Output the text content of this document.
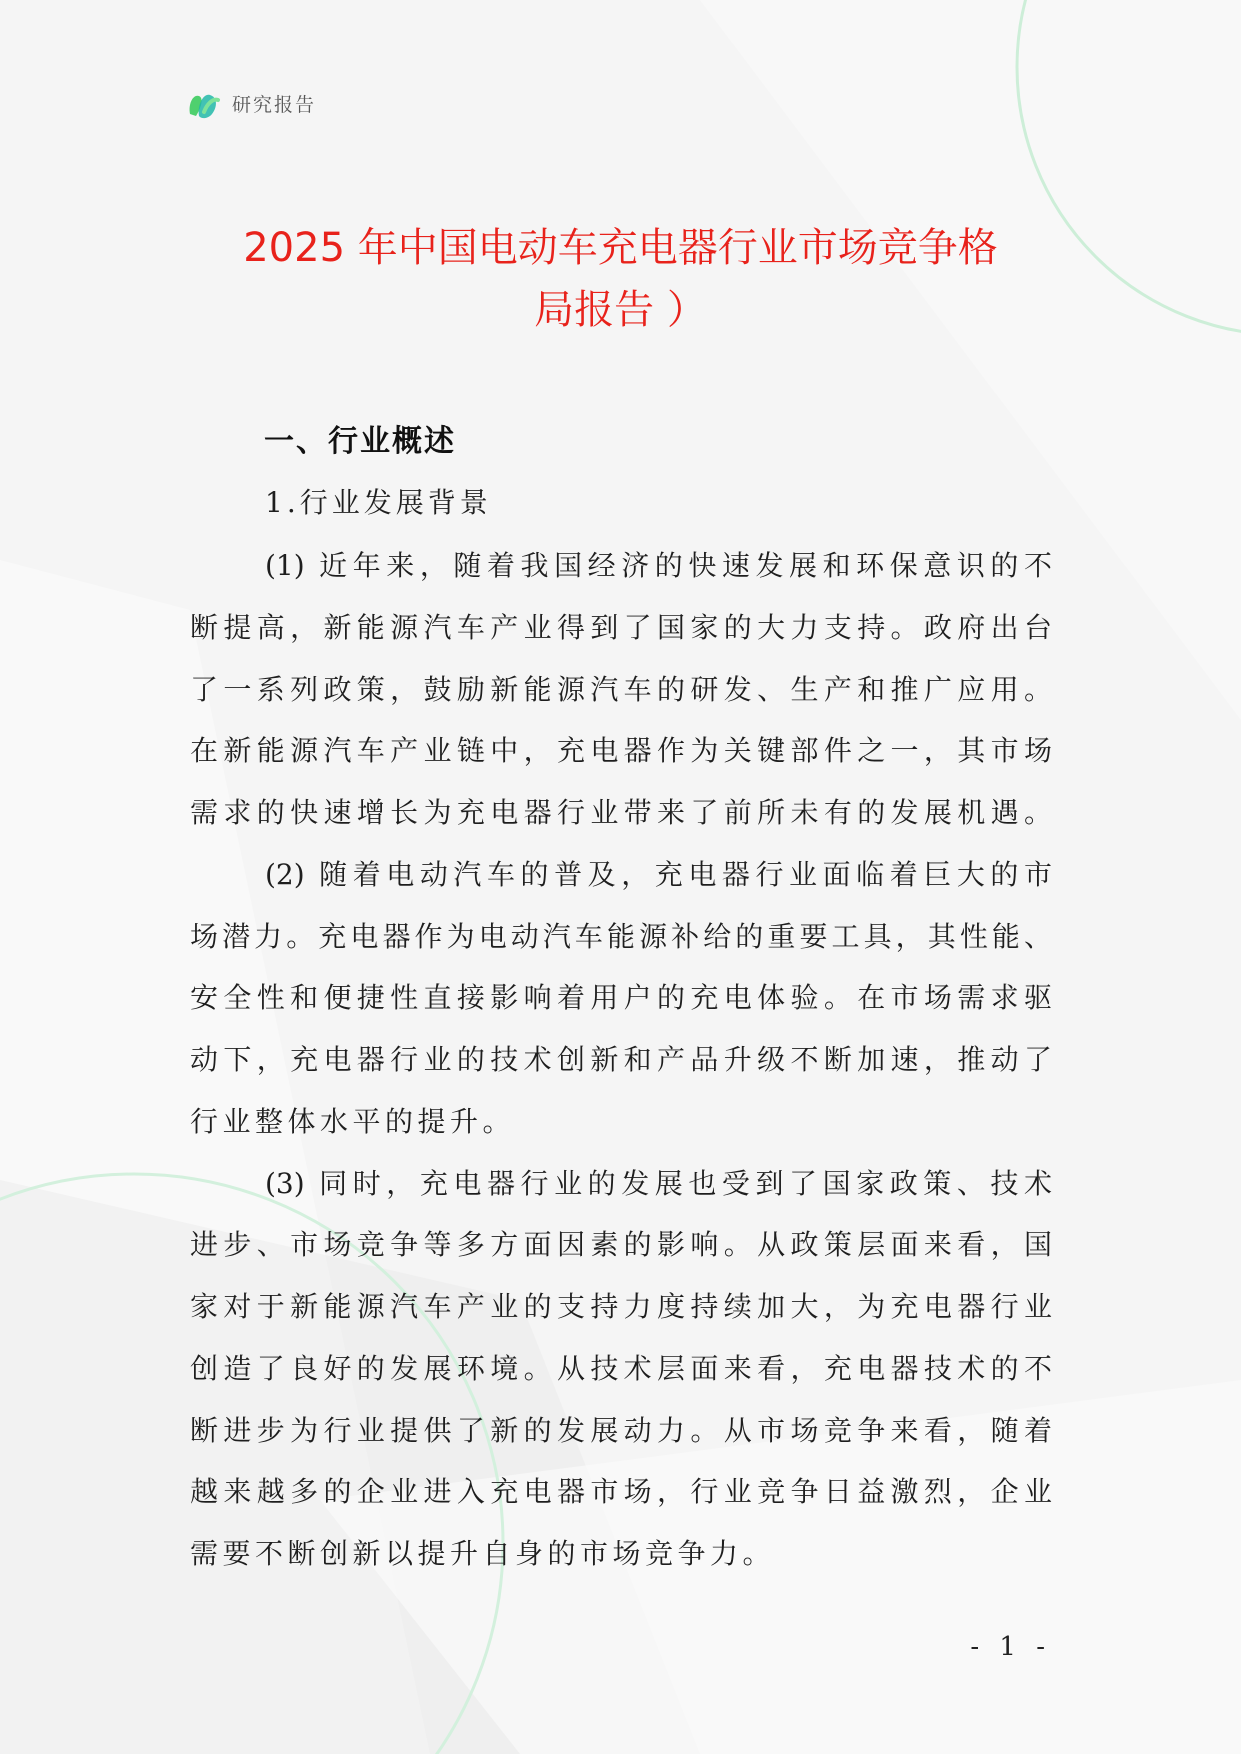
研究报告
2025 年中国电动车充电器行业市场竞争格
局报告 ）
一、行业概述
1.行业发展背景
(1) 近年来，随着我国经济的快速发展和环保意识的不
断提高，新能源汽车产业得到了国家的大力支持。政府出台
了一系列政策，鼓励新能源汽车的研发、生产和推广应用。
在新能源汽车产业链中，充电器作为关键部件之一，其市场
需求的快速增长为充电器行业带来了前所未有的发展机遇。
(2) 随着电动汽车的普及，充电器行业面临着巨大的市
场潜力。充电器作为电动汽车能源补给的重要工具，其性能、
安全性和便捷性直接影响着用户的充电体验。在市场需求驱
动下，充电器行业的技术创新和产品升级不断加速，推动了
行业整体水平的提升。
(3) 同时，充电器行业的发展也受到了国家政策、技术
进步、市场竞争等多方面因素的影响。从政策层面来看，国
家对于新能源汽车产业的支持力度持续加大，为充电器行业
创造了良好的发展环境。从技术层面来看，充电器技术的不
断进步为行业提供了新的发展动力。从市场竞争来看，随着
越来越多的企业进入充电器市场，行业竞争日益激烈，企业
需要不断创新以提升自身的市场竞争力。
- 1 -
